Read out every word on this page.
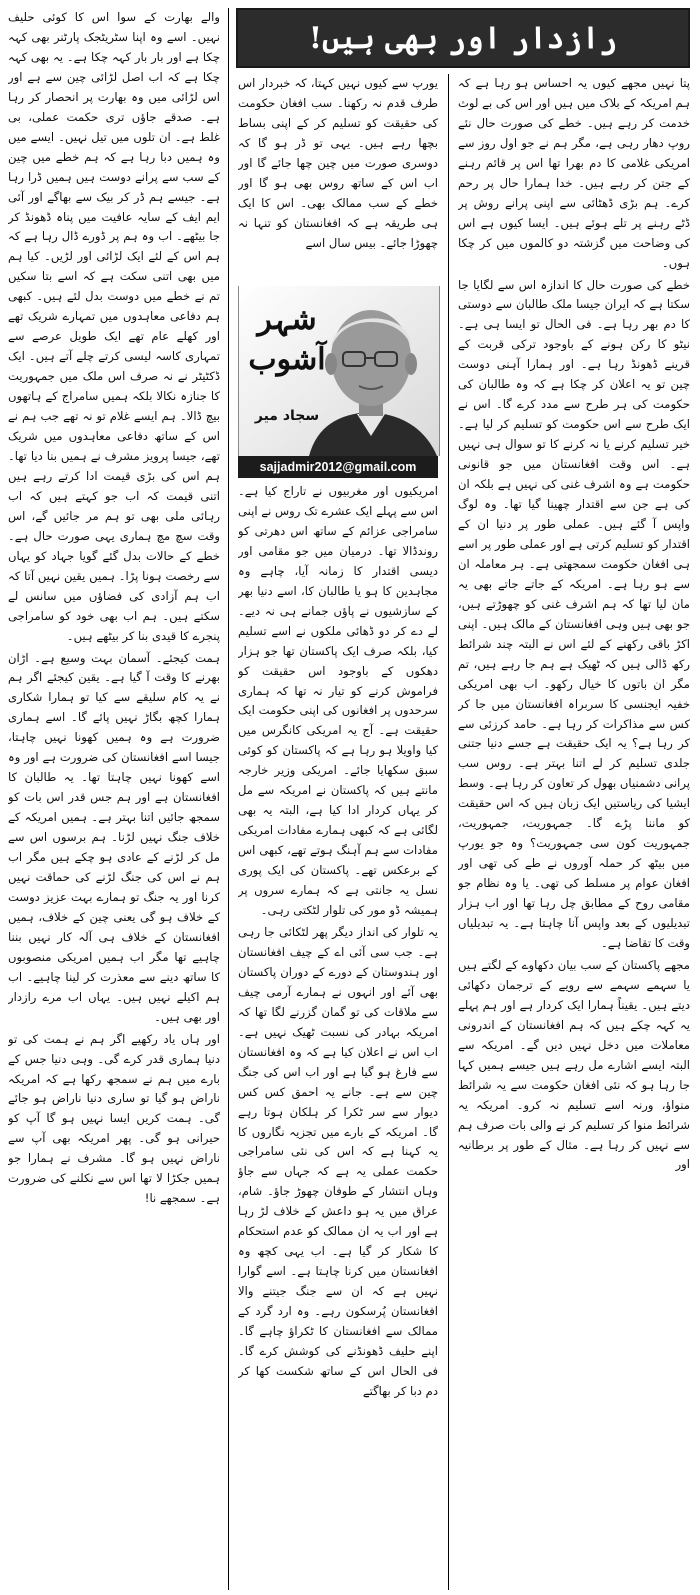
رازدار اور بھی ہیں!

پتا نہیں مجھے کیوں یہ احساس ہو رہا ہے کہ ہم امریکہ کے بلاک میں ہیں اور اس کی بے لوث خدمت کر رہے ہیں۔ خطے کی صورت حال نئے روپ دھار رہی ہے، مگر ہم نے جو اول روز سے امریکی غلامی کا دم بھرا تھا اس پر قائم رہنے کے جتن کر رہے ہیں۔ خدا ہمارا حال پر رحم کرے۔ ہم بڑی ڈھٹائی سے اپنی پرانے روش پر ڈٹے رہنے پر تلے ہوئے ہیں۔ ایسا کیوں ہے اس کی وضاحت میں گزشتہ دو کالموں میں کر چکا ہوں۔

خطے کی صورت حال کا اندازہ اس سے لگایا جا سکتا ہے کہ ایران جیسا ملک طالبان سے دوستی کا دم بھر رہا ہے۔ فی الحال تو ایسا ہی ہے۔ نیٹو کا رکن ہونے کے باوجود ترکی قربت کے قرینے ڈھونڈ رہا ہے۔ اور ہمارا آہنی دوست چین تو یہ اعلان کر چکا ہے کہ وہ طالبان کی حکومت کی ہر طرح سے مدد کرے گا۔ اس نے ایک طرح سے اس حکومت کو تسلیم کر لیا ہے۔ خیر تسلیم کرنے یا نہ کرنے کا تو سوال ہی نہیں ہے۔ اس وقت افغانستان میں جو قانونی حکومت ہے وہ اشرف غنی کی نہیں ہے بلکہ ان کی ہے جن سے اقتدار چھینا گیا تھا۔ وہ لوگ واپس آ گئے ہیں۔ عملی طور پر دنیا ان کے اقتدار کو تسلیم کرتی ہے اور عملی طور پر اسے ہی افغان حکومت سمجھتی ہے۔ ہر معاملہ ان سے ہو رہا ہے۔ امریکہ کے جاتے جاتے بھی یہ مان لیا تھا کہ ہم اشرف غنی کو چھوڑتے ہیں، جو بھی ہیں وہی افغانستان کے مالک ہیں۔ اپنی اکڑ باقی رکھنے کے لئے اس نے البتہ چند شرائط رکھ ڈالی ہیں کہ ٹھیک ہے ہم جا رہے ہیں، تم مگر ان باتوں کا خیال رکھو۔ اب بھی امریکی خفیہ ایجنسی کا سربراہ افغانستان میں جا کر کس سے مذاکرات کر رہا ہے۔ حامد کرزئی سے کر رہا ہے؟ یہ ایک حقیقت ہے جسے دنیا جتنی جلدی تسلیم کر لے اتنا بہتر ہے۔ روس سب پرانی دشمنیاں بھول کر تعاون کر رہا ہے۔ وسط ایشیا کی ریاستیں ایک زبان ہیں کہ اس حقیقت کو ماننا پڑے گا۔ جمہوریت، جمہوریت، جمہوریت کون سی جمہوریت؟ وہ جو یورپ میں بیٹھ کر حملہ آوروں نے طے کی تھی اور افغان عوام پر مسلط کی تھی۔ یا وہ نظام جو مقامی روح کے مطابق چل رہا تھا اور اب ہزار تبدیلیوں کے بعد واپس آنا چاہتا ہے۔ یہ تبدیلیاں وقت کا تقاضا ہے۔

مجھے پاکستان کے سب بیان دکھاوے کے لگتے ہیں یا سہمے سہمے سے رویے کے ترجمان دکھائی دیتے ہیں۔ یقیناً ہمارا ایک کردار ہے اور ہم پہلے یہ کہہ چکے ہیں کہ ہم افغانستان کے اندرونی معاملات میں دخل نہیں دیں گے۔ امریکہ سے البتہ ایسے اشارے مل رہے ہیں جیسے ہمیں کہا جا رہا ہو کہ نئی افغان حکومت سے یہ شرائط منواؤ، ورنہ اسے تسلیم نہ کرو۔ امریکہ یہ شرائط منوا کر تسلیم کر نے والی بات صرف ہم سے نہیں کر رہا ہے۔ مثال کے طور پر برطانیہ اور

یورپ سے کیوں نہیں کہتا، کہ خبردار اس طرف قدم نہ رکھنا۔ سب افغان حکومت کی حقیقت کو تسلیم کر کے اپنی بساط بچھا رہے ہیں۔ یہی تو ڈر ہو گا کہ دوسری صورت میں چین چھا جائے گا اور اب اس کے ساتھ روس بھی ہو گا اور خطے کے سب ممالک بھی۔ اس کا ایک ہی طریقہ ہے کہ افغانستان کو تنہا نہ چھوڑا جائے۔ بیس سال اسے

شہر آشوب
سجاد میر
sajjadmir2012@gmail.com

امریکیوں اور مغربیوں نے تاراج کیا ہے۔ اس سے پہلے ایک عشرے تک روس نے اپنی سامراجی عزائم کے ساتھ اس دھرتی کو روندڈالا تھا۔ درمیان میں جو مقامی اور دیسی اقتدار کا زمانہ آیا، چاہے وہ مجاہدین کا ہو یا طالبان کا، اسے دنیا بھر کے سازشیوں نے پاؤں جمانے ہی نہ دیے۔ لے دے کر دو ڈھائی ملکوں نے اسے تسلیم کیا، بلکہ صرف ایک پاکستان تھا جو ہزار دھکوں کے باوجود اس حقیقت کو فراموش کرنے کو تیار نہ تھا کہ ہماری سرحدوں پر افغانوں کی اپنی حکومت ایک حقیقت ہے۔ آج یہ امریکی کانگرس میں کیا واویلا ہو رہا ہے کہ پاکستان کو کوئی سبق سکھایا جائے۔ امریکی وزیر خارجہ مانتے ہیں کہ پاکستان نے امریکہ سے مل کر یہاں کردار ادا کیا ہے، البتہ یہ بھی لگائی ہے کہ کبھی ہمارے مفادات امریکی مفادات سے ہم آہنگ ہوتے تھے، کبھی اس کے برعکس تھے۔ پاکستان کی ایک پوری نسل یہ جانتی ہے کہ ہمارے سروں پر ہمیشہ ڈو مور کی تلوار لٹکتی رہی۔

یہ تلوار کی انداز دیگر پھر لٹکائی جا رہی ہے۔ جب سی آئی اے کے چیف افغانستان اور ہندوستان کے دورے کے دوران پاکستان بھی آئے اور انہوں نے ہمارے آرمی چیف سے ملاقات کی تو گمان گزرنے لگا تھا کہ امریکہ بہادر کی نسبت ٹھیک نہیں ہے۔ اب اس نے اعلان کیا ہے کہ وہ افغانستان سے فارغ ہو گیا ہے اور اب اس کی جنگ چین سے ہے۔ جانے یہ احمق کس کس دیوار سے سر ٹکرا کر ہلکان ہوتا رہے گا۔ امریکہ کے بارے میں تجزیہ نگاروں کا یہ کہنا ہے کہ اس کی نئی سامراجی حکمت عملی یہ ہے کہ جہاں سے جاؤ وہاں انتشار کے طوفان چھوڑ جاؤ۔ شام، عراق میں یہ ہو داعش کے خلاف لڑ رہا ہے اور اب یہ ان ممالک کو عدم استحکام کا شکار کر گیا ہے۔ اب یہی کچھ وہ افغانستان میں کرنا چاہتا ہے۔ اسے گوارا نہیں ہے کہ ان سے جنگ جیتنے والا افغانستان پُرسکون رہے۔ وہ ارد گرد کے ممالک سے افغانستان کا ٹکراؤ چاہے گا۔ اپنے حلیف ڈھونڈنے کی کوشش کرے گا۔ فی الحال اس کے ساتھ شکست کھا کر دم دبا کر بھاگتے

والے بھارت کے سوا اس کا کوئی حلیف نہیں۔ اسے وہ اپنا سٹریٹجک پارٹنر بھی کہہ چکا ہے اور بار بار کہہ چکا ہے۔ یہ بھی کہہ چکا ہے کہ اب اصل لڑائی چین سے ہے اور اس لڑائی میں وہ بھارت پر انحصار کر رہا ہے۔ صدقے جاؤں تری حکمت عملی، بی غلط ہے۔ ان تلوں میں تیل نہیں۔ ایسے میں وہ ہمیں دبا رہا ہے کہ ہم خطے میں چین کے سب سے پرانے دوست ہیں ہمیں ڈرا رہا ہے۔ جیسے ہم ڈر کر بیک سے بھاگے اور آئی ایم ایف کے سایہ عافیت میں پناہ ڈھونڈ کر جا بیٹھے۔ اب وہ ہم پر ڈورے ڈال رہا ہے کہ ہم اس کے لئے ایک لڑائی اور لڑیں۔ کیا ہم میں بھی اتنی سکت ہے کہ اسے بتا سکیں تم نے خطے میں دوست بدل لئے ہیں۔ کبھی ہم دفاعی معاہدوں میں تمہارے شریک تھے اور کھلے عام تھے ایک طویل عرصے سے تمہاری کاسہ لیسی کرتے چلے آتے ہیں۔ ایک ڈکٹیٹر نے نہ صرف اس ملک میں جمہوریت کا جنازہ نکالا بلکہ ہمیں سامراج کے ہاتھوں بیچ ڈالا۔ ہم ایسے غلام تو نہ تھے جب ہم نے اس کے ساتھ دفاعی معاہدوں میں شریک تھے، جیسا پرویز مشرف نے ہمیں بنا دیا تھا۔ ہم اس کی بڑی قیمت ادا کرتے رہے ہیں اتنی قیمت کہ اب جو کہتے ہیں کہ اب رہائی ملی بھی تو ہم مر جائیں گے، اس وقت سچ مچ ہماری یہی صورت حال ہے۔ خطے کے حالات بدل گئے گویا جہاد کو یہاں سے رخصت ہونا پڑا۔ ہمیں یقین نہیں آتا کہ اب ہم آزادی کی فضاؤں میں سانس لے سکتے ہیں۔ ہم اب بھی خود کو سامراجی پنجرے کا قیدی بنا کر بیٹھے ہیں۔

ہمت کیجئے۔ آسمان بہت وسیع ہے۔ اڑان بھرنے کا وقت آ گیا ہے۔ یقین کیجئے اگر ہم نے یہ کام سلیقے سے کیا تو ہمارا شکاری ہمارا کچھ بگاڑ نہیں پائے گا۔ اسے ہماری ضرورت ہے وہ ہمیں کھونا نہیں چاہتا، جیسا اسے افغانستان کی ضرورت ہے اور وہ اسے کھونا نہیں چاہتا تھا۔ یہ طالبان کا افغانستان ہے اور ہم جس قدر اس بات کو سمجھ جائیں اتنا بہتر ہے۔ ہمیں امریکہ کے خلاف جنگ نہیں لڑنا۔ ہم برسوں اس سے مل کر لڑنے کے عادی ہو چکے ہیں مگر اب ہم نے اس کی جنگ لڑنے کی حماقت نہیں کرنا اور یہ جنگ تو ہمارے بہت عزیز دوست کے خلاف ہو گی یعنی چین کے خلاف، ہمیں افغانستان کے خلاف ہی آلہ کار نہیں بننا چاہیے تھا مگر اب ہمیں امریکی منصوبوں کا ساتھ دینے سے معذرت کر لینا چاہیے۔ اب ہم اکیلے نہیں ہیں۔ یہاں اب مرے رازدار اور بھی ہیں۔

اور ہاں یاد رکھیے اگر ہم نے ہمت کی تو دنیا ہماری قدر کرے گی۔ وہی دنیا جس کے بارے میں ہم نے سمجھ رکھا ہے کہ امریکہ ناراض ہو گیا تو ساری دنیا ناراض ہو جائے گی۔ ہمت کریں ایسا نہیں ہو گا آپ کو حیرانی ہو گی۔ پھر امریکہ بھی آپ سے ناراض نہیں ہو گا۔ مشرف نے ہمارا جو ہمیں جکڑا لا تھا اس سے نکلنے کی ضرورت ہے۔ سمجھے نا!
